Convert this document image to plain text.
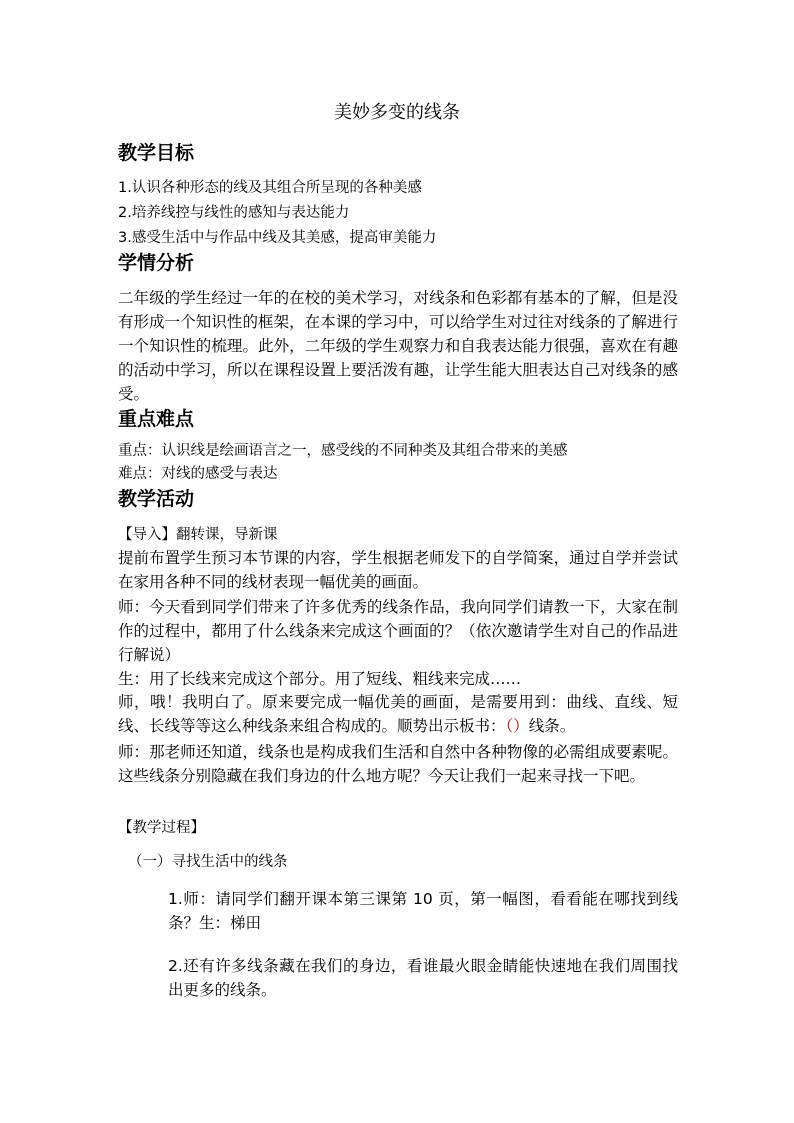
美妙多变的线条
教学目标
1.认识各种形态的线及其组合所呈现的各种美感
2.培养线控与线性的感知与表达能力
3.感受生活中与作品中线及其美感，提高审美能力
学情分析
二年级的学生经过一年的在校的美术学习，对线条和色彩都有基本的了解，但是没有形成一个知识性的框架，在本课的学习中，可以给学生对过往对线条的了解进行一个知识性的梳理。此外，二年级的学生观察力和自我表达能力很强，喜欢在有趣的活动中学习，所以在课程设置上要活泼有趣，让学生能大胆表达自己对线条的感受。
重点难点
重点：认识线是绘画语言之一，感受线的不同种类及其组合带来的美感
难点：对线的感受与表达
教学活动
【导入】翻转课，导新课
提前布置学生预习本节课的内容，学生根据老师发下的自学简案，通过自学并尝试在家用各种不同的线材表现一幅优美的画面。
师：今天看到同学们带来了许多优秀的线条作品，我向同学们请教一下，大家在制作的过程中，都用了什么线条来完成这个画面的？（依次邀请学生对自己的作品进行解说）
生：用了长线来完成这个部分。用了短线、粗线来完成……
师，哦！我明白了。原来要完成一幅优美的画面，是需要用到：曲线、直线、短线、长线等等这么种线条来组合构成的。顺势出示板书：（）线条。
师：那老师还知道，线条也是构成我们生活和自然中各种物像的必需组成要素呢。这些线条分别隐藏在我们身边的什么地方呢？今天让我们一起来寻找一下吧。
【教学过程】
（一）寻找生活中的线条
1.师：请同学们翻开课本第三课第 10 页，第一幅图，看看能在哪找到线条？生：梯田
2.还有许多线条藏在我们的身边，看谁最火眼金睛能快速地在我们周围找出更多的线条。
